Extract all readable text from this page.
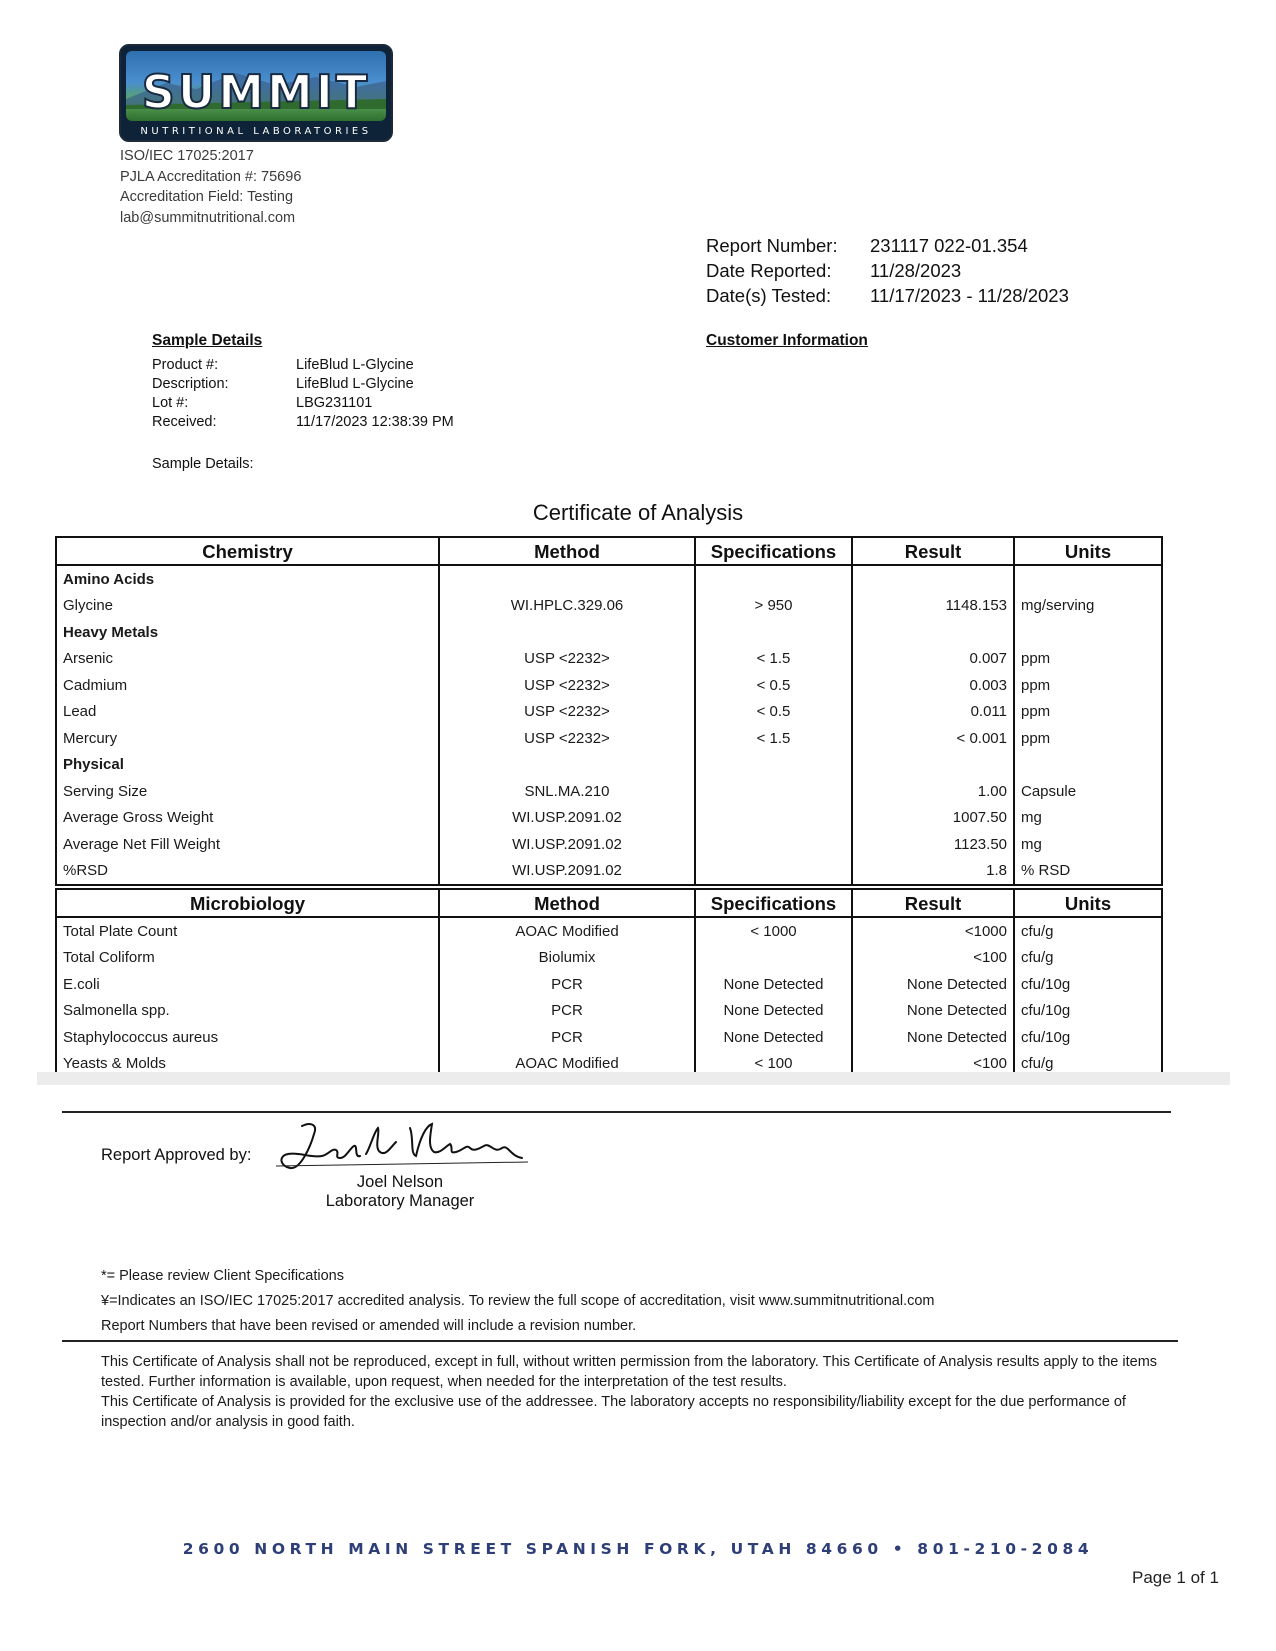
SUMMIT
NUTRITIONAL LABORATORIES
ISO/IEC 17025:2017
PJLA Accreditation #: 75696
Accreditation Field: Testing
lab@summitnutritional.com
Report Number:	231117 022-01.354
Date Reported:	11/28/2023
Date(s) Tested:	11/17/2023 - 11/28/2023
Sample Details	Customer Information
Product #:	LifeBlud L-Glycine
Description:	LifeBlud L-Glycine
Lot #:	LBG231101
Received:	11/17/2023 12:38:39 PM
Sample Details:
Certificate of Analysis
Chemistry	Method	Specifications	Result	Units
Amino Acids				
Glycine	WI.HPLC.329.06	> 950	1148.153	mg/serving
Heavy Metals				
Arsenic	USP <2232>	< 1.5	0.007	ppm
Cadmium	USP <2232>	< 0.5	0.003	ppm
Lead	USP <2232>	< 0.5	0.011	ppm
Mercury	USP <2232>	< 1.5	< 0.001	ppm
Physical				
Serving Size	SNL.MA.210		1.00	Capsule
Average Gross Weight	WI.USP.2091.02		1007.50	mg
Average Net Fill Weight	WI.USP.2091.02		1123.50	mg
%RSD	WI.USP.2091.02		1.8	% RSD
Microbiology	Method	Specifications	Result	Units
Total Plate Count	AOAC Modified	< 1000	<1000	cfu/g
Total Coliform	Biolumix		<100	cfu/g
E.coli	PCR	None Detected	None Detected	cfu/10g
Salmonella spp.	PCR	None Detected	None Detected	cfu/10g
Staphylococcus aureus	PCR	None Detected	None Detected	cfu/10g
Yeasts & Molds	AOAC Modified	< 100	<100	cfu/g
Report Approved by:
Joel Nelson
Laboratory Manager
*= Please review Client Specifications
¥=Indicates an ISO/IEC 17025:2017 accredited analysis. To review the full scope of accreditation, visit www.summitnutritional.com
Report Numbers that have been revised or amended will include a revision number.
This Certificate of Analysis shall not be reproduced, except in full, without written permission from the laboratory. This Certificate of Analysis results apply to the items tested. Further information is available, upon request, when needed for the interpretation of the test results.
This Certificate of Analysis is provided for the exclusive use of the addressee. The laboratory accepts no responsibility/liability except for the due performance of inspection and/or analysis in good faith.
2600 NORTH MAIN STREET SPANISH FORK, UTAH 84660 • 801-210-2084
Page 1 of 1
